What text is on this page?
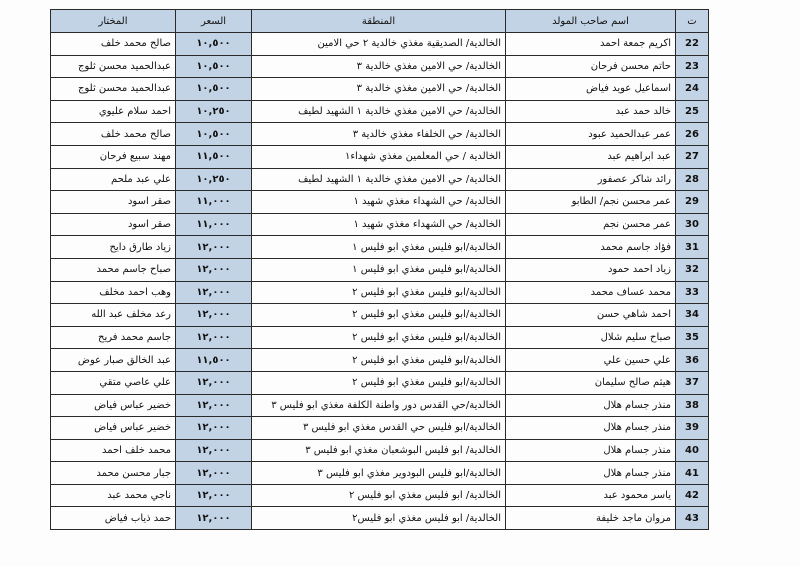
ت	اسم صاحب المولد	المنطقة	السعر	المختار
22	اكريم جمعة احمد	الخالدية/ الصديقية مغذي خالدية ٢ حي الامين	١٠,٥٠٠	صالح محمد خلف
23	حاتم محسن فرحان	الخالدية/ حي الامين مغذي خالدية ٣	١٠,٥٠٠	عبدالحميد محسن ثلوج
24	اسماعيل عويد فياض	الخالدية/ حي الامين مغذي خالدية ٣	١٠,٥٠٠	عبدالحميد محسن ثلوج
25	خالد حمد عبد	الخالدية/ حي الامين مغذي خالدية ١ الشهيد لطيف	١٠,٢٥٠	احمد سلام عليوي
26	عمر عبدالحميد عبود	الخالدية/ حي الخلفاء مغذي خالدية ٣	١٠,٥٠٠	صالح محمد خلف
27	عبد ابراهيم عبد	الخالدية / حي المعلمين مغذي شهداء١	١١,٥٠٠	مهند سبيع فرحان
28	رائد شاكر عصفور	الخالدية/ حي الامين مغذي خالدية ١ الشهيد لطيف	١٠,٢٥٠	علي عبد ملحم
29	عمر محسن نجم/ الطابو	الخالدية/ حي الشهداء مغذي شهيد ١	١١,٠٠٠	صقر اسود
30	عمر محسن نجم	الخالدية/ حي الشهداء مغذي شهيد ١	١١,٠٠٠	صقر اسود
31	فؤاد جاسم محمد	الخالدية/ابو فليس مغذي ابو فليس ١	١٢,٠٠٠	زياد طارق دايح
32	زياد احمد حمود	الخالدية/ابو فليس مغذي ابو فليس ١	١٢,٠٠٠	صباح جاسم محمد
33	محمد عساف محمد	الخالدية/ابو فليس مغذي ابو فليس ٢	١٢,٠٠٠	وهب احمد مخلف
34	احمد شاهي حسن	الخالدية/ابو فليس مغذي ابو فليس ٢	١٢,٠٠٠	رعد مخلف عبد الله
35	صباح سليم شلال	الخالدية/ابو فليس مغذي ابو فليس ٢	١٢,٠٠٠	جاسم محمد فريح
36	علي حسين علي	الخالدية/ابو فليس مغذي ابو فليس ٢	١١,٥٠٠	عبد الخالق صبار عوض
37	هيثم صالح سليمان	الخالدية/ابو فليس مغذي ابو فليس ٢	١٢,٠٠٠	علي عاصي متقي
38	منذر جسام هلال	الخالدية/حي القدس دور واطنة الكلفة مغذي ابو فليس ٣	١٢,٠٠٠	خضير عباس فياض
39	منذر جسام هلال	الخالدية/ابو فليس حي القدس مغذي ابو فليس ٣	١٢,٠٠٠	خضير عباس فياض
40	منذر جسام هلال	الخالدية/ ابو فليس البوشعبان مغذي ابو فليس ٣	١٢,٠٠٠	محمد خلف احمد
41	منذر جسام هلال	الخالدية/ابو فليس البودوير مغذي ابو فليس ٣	١٢,٠٠٠	جبار محسن محمد
42	ياسر محمود عبد	الخالدية/ ابو فليس مغذي ابو فليس ٢	١٢,٠٠٠	ناجي محمد عبد
43	مروان ماجد خليفة	الخالدية/ ابو فليس مغذي ابو فليس٢	١٢,٠٠٠	حمد ذياب فياض
